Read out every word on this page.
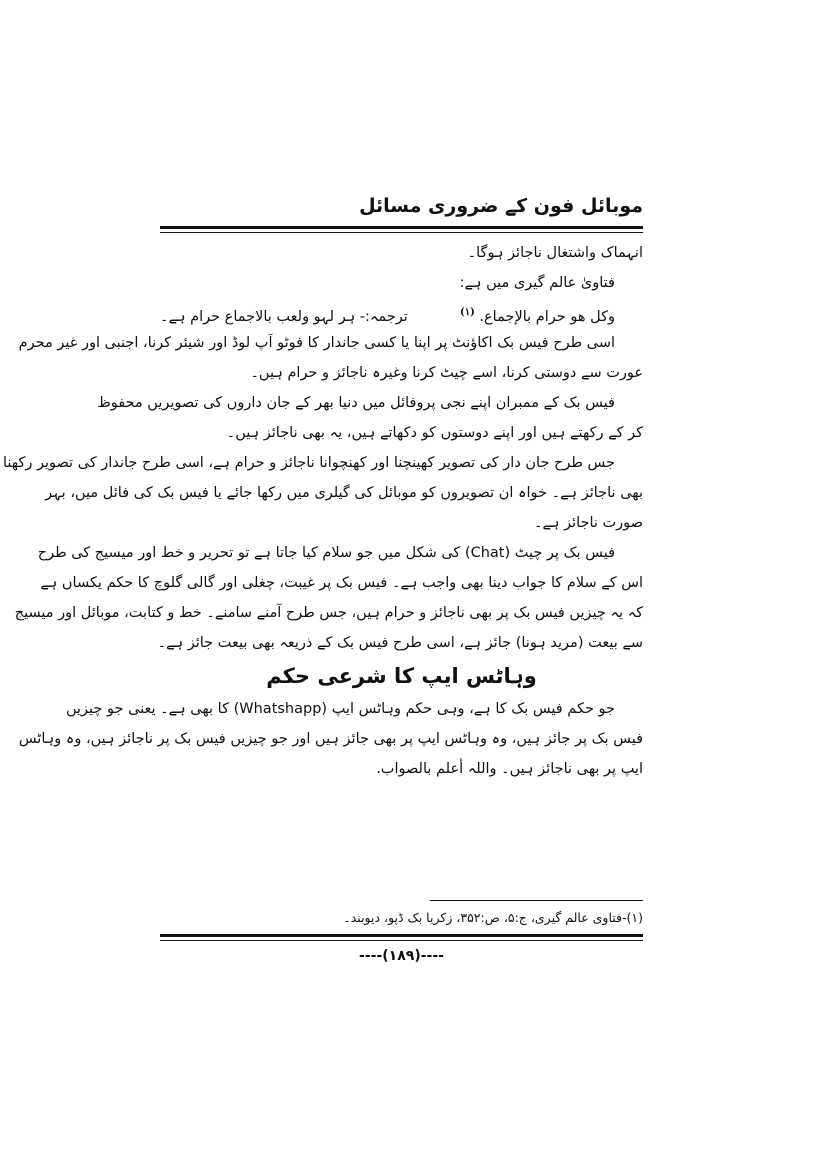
موبائل فون کے ضروری مسائل
انہماک واشتغال ناجائز ہوگا۔
فتاویٰ عالم گیری میں ہے:
وکل ھو حرام بالإجماع. $^{(۱)}$
ترجمہ:- ہر لہو ولعب بالاجماع حرام ہے۔

اسی طرح فیس بک اکاؤنٹ پر اپنا یا کسی جاندار کا فوٹو اَپ لوڈ اور شیئر کرنا، اجنبی اور غیر محرم
عورت سے دوستی کرنا، اسے چیٹ کرنا وغیرہ ناجائز و حرام ہیں۔

فیس بک کے ممبران اپنے نجی پروفائل میں دنیا بھر کے جان داروں کی تصویریں محفوظ
کر کے رکھتے ہیں اور اپنے دوستوں کو دکھاتے ہیں، یہ بھی ناجائز ہیں۔

جس طرح جان دار کی تصویر کھینچنا اور کھنچوانا ناجائز و حرام ہے، اسی طرح جاندار کی تصویر رکھنا
بھی ناجائز ہے۔ خواہ ان تصویروں کو موبائل کی گیلری میں رکھا جائے یا فیس بک کی فائل میں، بہر
صورت ناجائز ہے۔

فیس بک پر چیٹ (Chat) کی شکل میں جو سلام کیا جاتا ہے تو تحریر و خط اور میسیج کی طرح
اس کے سلام کا جواب دینا بھی واجب ہے۔ فیس بک پر غیبت، چغلی اور گالی گلوچ کا حکم یکساں ہے
کہ یہ چیزیں فیس بک پر بھی ناجائز و حرام ہیں، جس طرح آمنے سامنے۔ خط و کتابت، موبائل اور میسیج
سے بیعت (مرید ہونا) جائز ہے، اسی طرح فیس بک کے ذریعہ بھی بیعت جائز ہے۔

وہاٹس ایپ کا شرعی حکم

جو حکم فیس بک کا ہے، وہی حکم وہاٹس ایپ (Whatshapp) کا بھی ہے۔ یعنی جو چیزیں
فیس بک پر جائز ہیں، وہ وہاٹس ایپ پر بھی جائز ہیں اور جو چیزیں فیس بک پر ناجائز ہیں، وہ وہاٹس
ایپ پر بھی ناجائز ہیں۔ واللہ أعلم بالصواب.

(۱)-فتاوی عالم گیری، ج:۵، ص:۳۵۲، زکریا بک ڈپو، دیوبند۔
----(۱۸۹)----
